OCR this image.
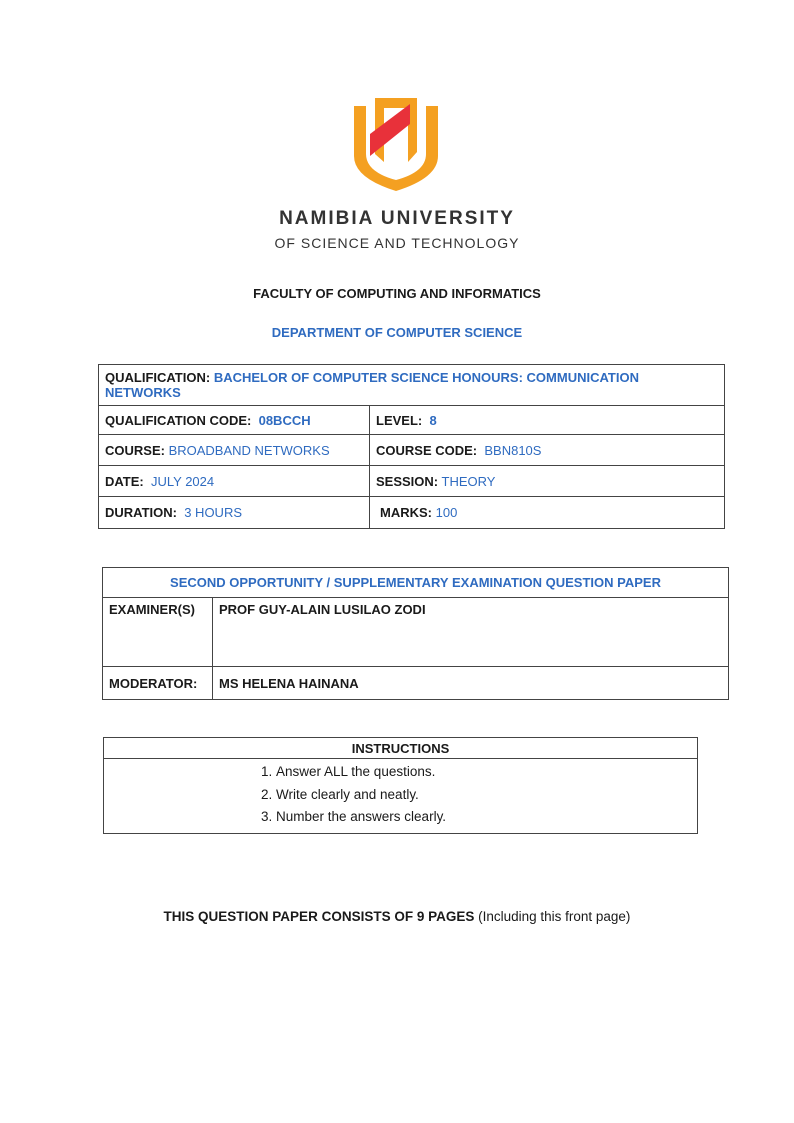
NAMIBIA UNIVERSITY
OF SCIENCE AND TECHNOLOGY
FACULTY OF COMPUTING AND INFORMATICS
DEPARTMENT OF COMPUTER SCIENCE
QUALIFICATION: BACHELOR OF COMPUTER SCIENCE HONOURS: COMMUNICATION NETWORKS	
QUALIFICATION CODE: 08BCCH	LEVEL: 8
COURSE: BROADBAND NETWORKS	COURSE CODE: BBN810S
DATE: JULY 2024	SESSION: THEORY
DURATION: 3 HOURS	MARKS: 100
SECOND OPPORTUNITY / SUPPLEMENTARY EXAMINATION QUESTION PAPER	
EXAMINER(S)	PROF GUY-ALAIN LUSILAO ZODI
MODERATOR:	MS HELENA HAINANA
INSTRUCTIONS

1. Answer ALL the questions.
2. Write clearly and neatly.
3. Number the answers clearly.
THIS QUESTION PAPER CONSISTS OF 9 PAGES (Including this front page)
